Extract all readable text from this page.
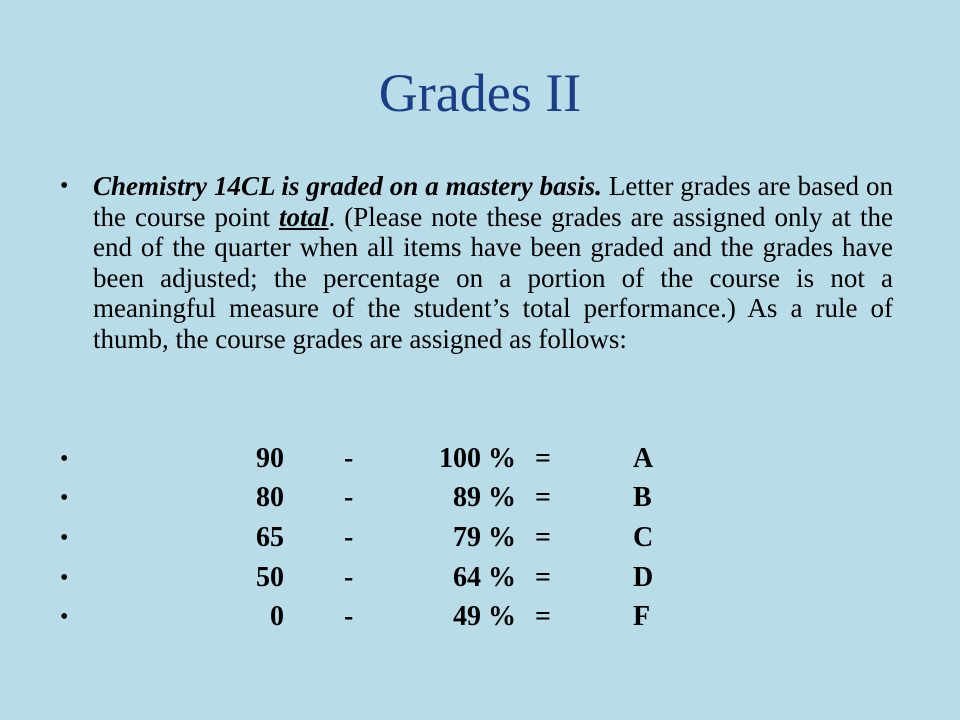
Grades II
• Chemistry 14CL is graded on a mastery basis. Letter grades are based on the course point total. (Please note these grades are assigned only at the end of the quarter when all items have been graded and the grades have been adjusted; the percentage on a portion of the course is not a meaningful measure of the student’s total performance.) As a rule of thumb, the course grades are assigned as follows:
•	90 -	100 % =	A
•	80 -	89 % =	B
•	65 -	79 % =	C
•	50 -	64 % =	D
•	0 -	49 % =	F
